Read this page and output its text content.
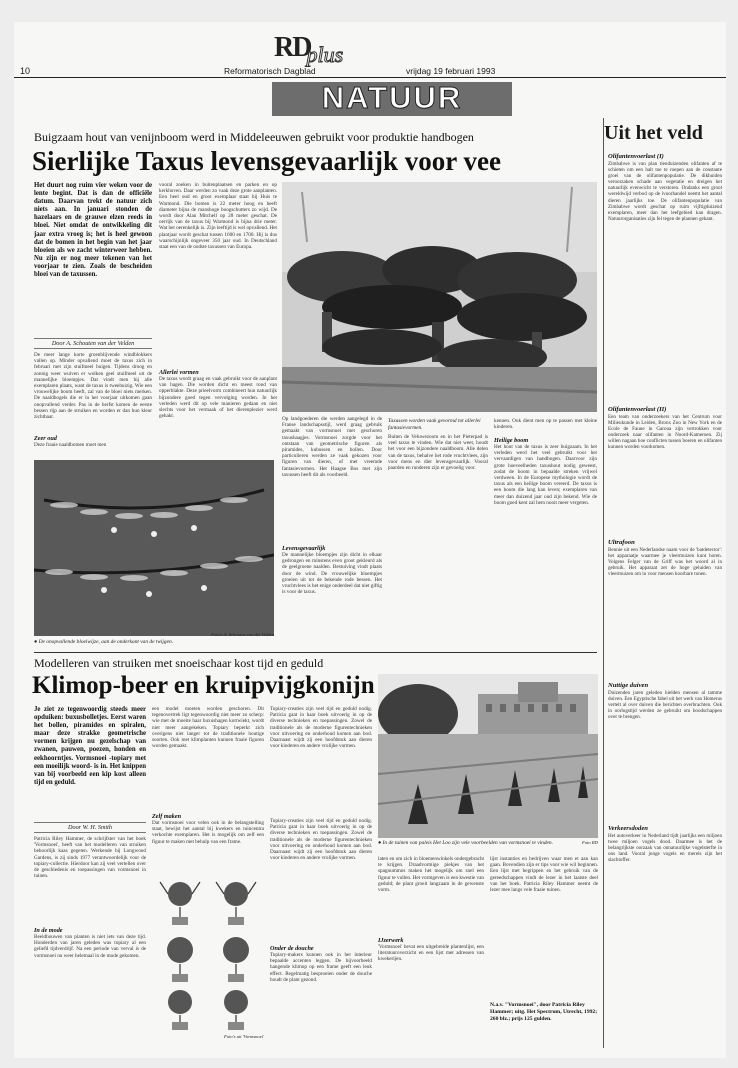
10
RDplus
Reformatorisch Dagblad	vrijdag 19 februari 1993
NATUUR
Uit het veld
Buigzaam hout van venijnboom werd in Middeleeuwen gebruikt voor produktie handbogen
Sierlijke Taxus levensgevaarlijk voor vee
Het duurt nog ruim vier weken voor de lente begint. Dat is dan de officiële datum. Daarvan trekt de natuur zich niets aan. In januari stonden de hazelaars en de grauwe elzen reeds in bloei. Niet omdat de ontwikkeling dit jaar extra vroeg is; het is heel gewoon dat de bomen in het begin van het jaar bloeien als we zacht winterweer hebben. Nu zijn er nog meer tekenen van het voorjaar te zien. Zoals de bescheiden bloei van de taxussen.
Door A. Schouten van der Velden
De meer lange korte groenblijvende windblokkers vallen op. Minder opvallend moet de taxus zich in februari met zijn stuifmeel buigen. Tijdens droog en zonnig weer wuiven er wolken geel stuifmeel uit de mannelijke bloempjes. Dat vindt men bij alle exemplaren plaats, want de taxus is tweehuizig. Wie een vrouwelijke boom heeft, zal van de bloei niets merken. De naaldbogels die er in het voorjaar uitkomen gaan onopvallend verder. Pas in de herfst komen de eerste bessen rijp aan de struiken en worden er dan hun kleur zichtbaar.
Zeer oud
Deze fraaie naaldbomen moet men
vooral zoeken in buitenplaatsen en parken en op kerkhoven. Daar werden zo vaak deze grote aanplanten. Een heel oud en groot exemplaar staat bij Huis te Warmond. Die bomen is 22 meter hoog en heeft diameter bijna de manshoge boogschutters zo wijd. De wordt door Alan Mitchell op 28 meter geschat. De oerrijk van de taxus bij Warmond is bijna drie meter. Wat het oerenkelijk is. Zijn leeftijd is wel opvallend. Het plantjaar wordt geschat tussen 1600 en 1700. Hij is dus waarschijnlijk ongeveer 350 jaar oud. In Deutschland staat een van de oudste taxussen van Europa.
Allerlei vormen
De taxus wordt graag en vaak gebruikt voor de aanplant van hagen. Die worden dicht en meest rond van opperblakte. Deze prieelvorm combineert hun natuurlijk bijzondere goed tegen vervolging worden. In het verleden werd dit op vele manieren gedaan en niet slechts voor het vermaak of het dierenplezier werd gehakt.	Op landgoederen die werden aangelegd in de Franse landschapsstijl, werd graag gebruik gemaakt van vormsnoei met geschoren taxushaagjes. Vormsnoei zorgde voor het ontstaan van geometrische figuren als piramides, kubussen en bollen. Door particulieren werden ze vaak gekozen voor figuren van dieren, of met vreemde fantasievormen. Het Haagse Bos met zijn taxussen heeft dit als voorbeeld.
Levensgevaarlijk
De mannelijke bloempjes zijn dicht in elkaar gedrongen en minstens even groot gekleurd als de geelgroene naalden. Bestuiving vindt plaats door de wind. De vrouwelijke bloempjes groeien uit tot de bekende rode bessen. Het vruchtvlees is het enige onderdeel dat niet giftig is voor de taxus.
Taxussen worden vaak gevormd tot allerlei fantasievormen.
Buiten de Veluwezoom en in het Pieterpad is veel taxus te vinden. Wie dat niet weet, houdt het voor een bijzondere naaldboom. Alle delen van de taxus, behalve het rode vruchtvlees, zijn voor mens en dier levensgevaarlijk. Vooral paarden en runderen zijn er gevoelig voor.
kennen. Ook dient men op te passen met kleine kinderen.
Heilige boom
Het hout van de taxus is zeer buigzaam. In het verleden werd het veel gebruikt voor het vervaardigen van handbogen. Daarvoor zijn grote hoeveelheden taxushout nodig geweest, zodat de boom in bepaalde streken vrijwel verdween. In de Europese mythologie wordt de taxus als een heilige boom vereerd. De taxus is een boom die lang kan leven; exemplaren van meer dan duizend jaar oud zijn bekend. Wie de boom goed kent zal hem nooit meer vergeten.
● De onopvallende bloeiwijze, aan de onderkant van de twijgen.
Foto's A. Schouten van der Velden
Modelleren van struiken met snoeischaar kost tijd en geduld
Klimop-beer en kruipvijgkonijn
Je ziet ze tegenwoordig steeds meer opduiken: buxusbolletjes. Eerst waren het bollen, piramides en spiralen, maar deze strakke geometrische vormen krijgen nu gezelschap van zwanen, pauwen, poezen, honden en eekhoorntjes. Vormsnoei -topiary met een moeilijk woord- is in. Het knippen van bij voorbeeld een kip kost alleen tijd en geduld.
Door W. H. Smith
Patricia Riley Hammer, de schrijfster van het boek 'Vormsnoei', heeft van het modelleren van struiken behoorlijk kaas gegeten. Werkende bij Longwood Gardens, is zij sinds 1977 verantwoordelijk voor de topiary-collectie. Hierdoor kan zij veel vertellen over de geschiedenis en toepassingen van vormsnoei in tuinen.
In de mode
Beeldhouwen van planten is niet iets van deze tijd. Honderden van jaren geleden was topiary al een geliefd tijdverdrijf. Na een periode van verval is de vormsnoei nu weer helemaal in de mode gekomen.
een model moeten worden geschoren. Dit tegenovertrek ligt tegenwoordig niet meer zo scherp: wie met de moeite haar buxushagen kortwiekt, wordt niet meer aangekeken. Topiary beperkt zich overigens niet langer tot de traditionele houtige soorten. Ook met klimplanten kunnen fraaie figuren worden gemaakt.
Zelf maken
Dat vormsnoei voor velen ook in de belangstelling staat, bewijst het aantal bij kwekers en tuincentra verkochte exemplaren. Het is mogelijk om zelf een figuur te maken met behulp van een frame.
Foto's uit 'Vormsnoei'
Topiary-creaties zijn veel tijd en geduld nodig. Patricia gaat in haar boek uitvoerig in op de diverse technieken en toepassingen. Zowel de traditionele als de moderne figurentechnieken voor uitvoering en onderhoud komen aan bod. Daarnaast wijdt zij een hoofdstuk aan dieren voor kinderen en andere vrolijke vormen.
Onder de douche
Topiary-makers kunnen ook in het interieur bepaalde accenten leggen. De bijvoorbeeld hangende klimop op een frame geeft een leuk effect. Regelmatig besproeien onder de douche houdt de plant gezond.
Topiary-creaties zijn veel tijd en geduld nodig. Patricia gaat in haar boek uitvoerig in op de diverse technieken en toepassingen. Zowel de traditionele als de moderne figurentechnieken voor uitvoering en onderhoud komen aan bod. Daarnaast wijdt zij een hoofdstuk aan dieren voor kinderen en andere vrolijke vormen.
● In de tuinen van paleis Het Loo zijn vele voorbeelden van vormsnoei te vinden.	Foto RD
laten en om zich in bloemenwinkels ondergebracht te krijgen. Draadvormige piekjes van het spagnummos maken het mogelijk om snel een figuur te vullen. Het vormgeven is een kwestie van geduld; de plant groeit langzaam in de gewenste vorm.
IJzerwerk
'Vormsnoei' bevat een uitgebreide plantenlijst, een literatuuroverzicht en een lijst met adressen van kwekerijen.
lijst instanties en bedrijven waar men et aan kan gaan. Bovendien zijn er tips voor wie wil beginnen. Een lijst met begrippen en het gebruik van de gereedschappen vindt de lezer in het laatste deel van het boek. Patricia Riley Hammer neemt de lezer mee langs vele fraaie tuinen.
N.a.v. "Vormsnoei", door Patricia Riley Hammer; uitg. Het Spectrum, Utrecht, 1992; 260 blz.; prijs 125 gulden.
Olifantenvoerlast (I)
Zimbabwe is van plan tienduizenden olifanten af te schieten om een halt toe te roepen aan de constante groei van de olifantenpopulatie. De dikhuiden veroorzaken schade aan vegetatie en dreigen het natuurlijk evenwicht te verstoren. Ondanks een groot wereldwijd verbod op de ivoorhandel neemt het aantal dieren jaarlijks toe. De olifantenpopulatie van Zimbabwe wordt geschat op ruim vijftigduizend exemplaren, meer dan het leefgebied kan dragen. Natuurorganisaties zijn fel tegen de plannen gekant.
Olifantenvoerlast (II)
Een team van onderzoekers van het Centrum voor Milieukunde in Leiden, Bronx Zoo in New York en de Ecole de Faune in Garoua zijn vertrokken voor onderzoek naar olifanten in Noord-Kameroen. Zij willen nagaan hoe conflicten tussen boeren en olifanten kunnen worden voorkomen.
Ultrafoon
Bennie uit een Nederlandse naam voor de 'batdetector': het apparaatje waarmee je vleermuizen kunt horen. Volgens Felger van de Griff was het woord al in gebruik. Het apparaat zet de hoge geluiden van vleermuizen om in voor mensen hoorbare tonen.
Nuttige duiven
Duizenden jaren geleden hielden mensen al tamme duiven. Een Egyptische fabel uit het werk van Homerus vertelt al over duiven die berichten overbrachten. Ook in oorlogstijd werden ze gebruikt om boodschappen over te brengen.
Verkeersdoden
Het autoverkeer in Nederland tijdt jaarlijks een miljoen twee miljoen vogels dood. Daarmee is het de belangrijkste oorzaak van onnatuurlijke vogelsterfte in ons land. Vooral jonge vogels en merels zijn het slachtoffer.
